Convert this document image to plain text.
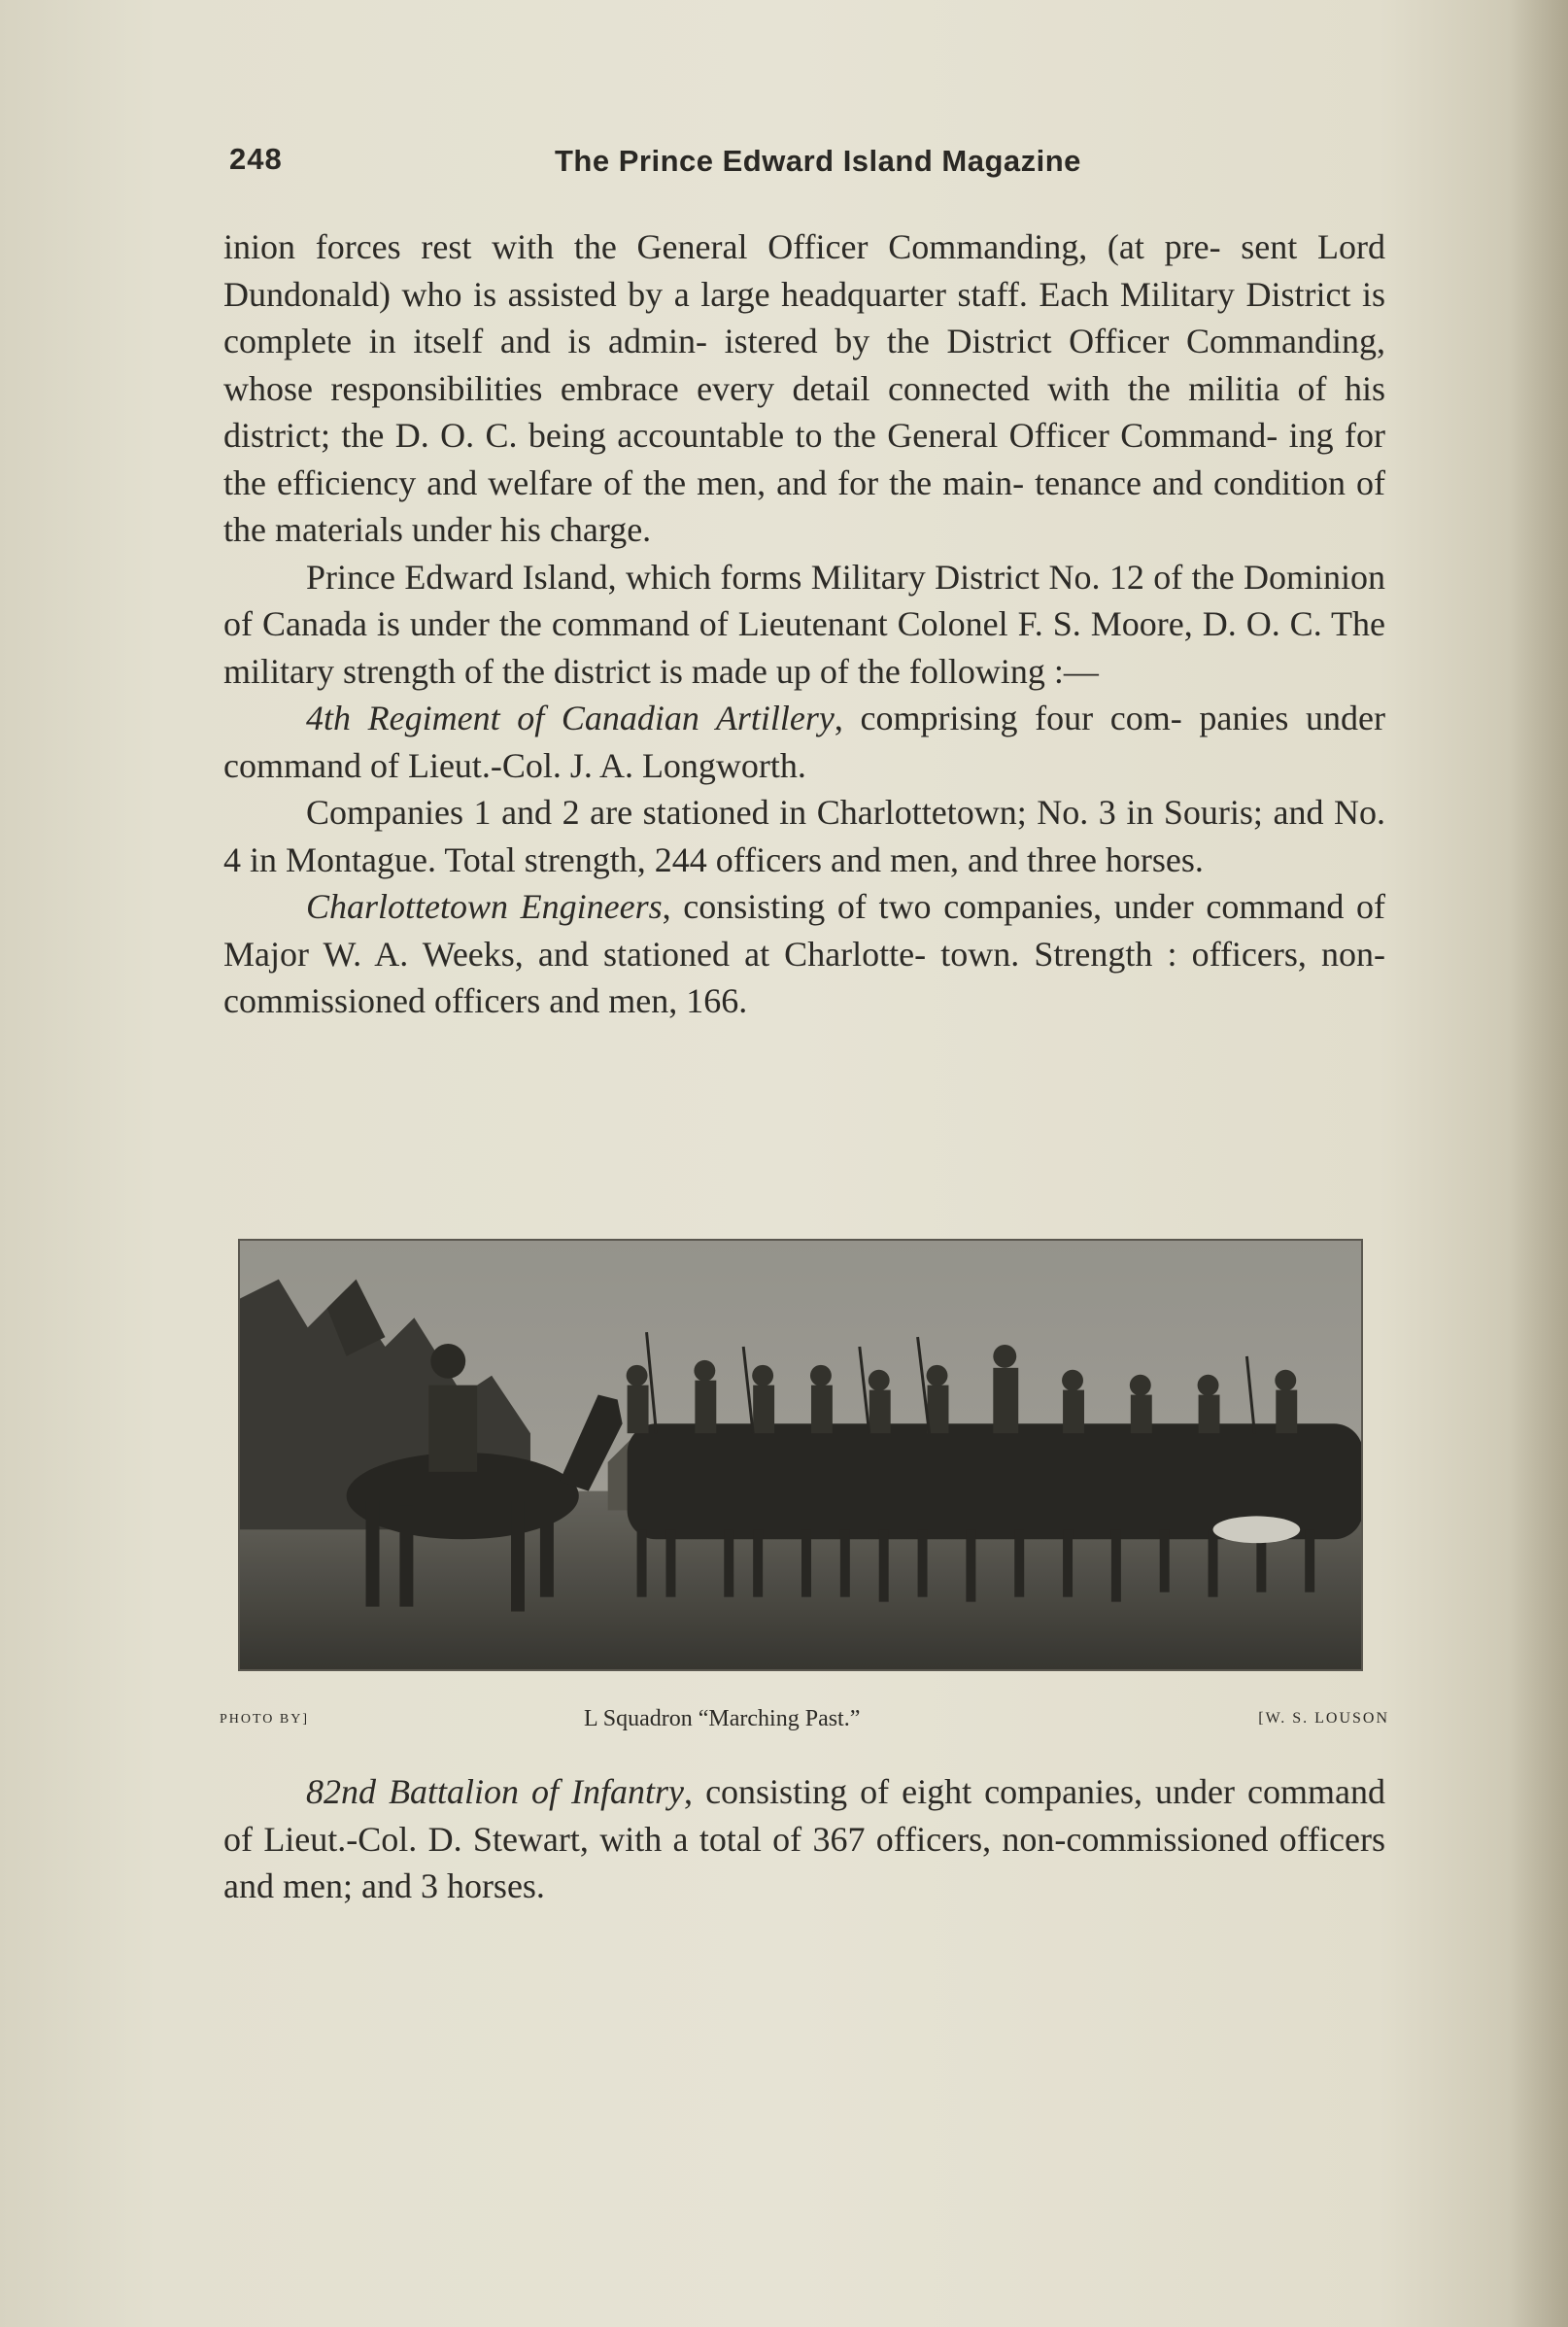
248	The Prince Edward Island Magazine

inion forces rest with the General Officer Commanding, (at pre- sent Lord Dundonald) who is assisted by a large headquarter staff. Each Military District is complete in itself and is admin- istered by the District Officer Commanding, whose responsibilities embrace every detail connected with the militia of his district; the D. O. C. being accountable to the General Officer Command- ing for the efficiency and welfare of the men, and for the main- tenance and condition of the materials under his charge.

Prince Edward Island, which forms Military District No. 12 of the Dominion of Canada is under the command of Lieutenant Colonel F. S. Moore, D. O. C. The military strength of the district is made up of the following :—

4th Regiment of Canadian Artillery, comprising four com- panies under command of Lieut.-Col. J. A. Longworth.

Companies 1 and 2 are stationed in Charlottetown; No. 3 in Souris; and No. 4 in Montague. Total strength, 244 officers and men, and three horses.

Charlottetown Engineers, consisting of two companies, under command of Major W. A. Weeks, and stationed at Charlotte- town. Strength : officers, non-commissioned officers and men, 166.

PHOTO BY]	L Squadron “Marching Past.”	[W. S. LOUSON

82nd Battalion of Infantry, consisting of eight companies, under command of Lieut.-Col. D. Stewart, with a total of 367 officers, non-commissioned officers and men; and 3 horses.
